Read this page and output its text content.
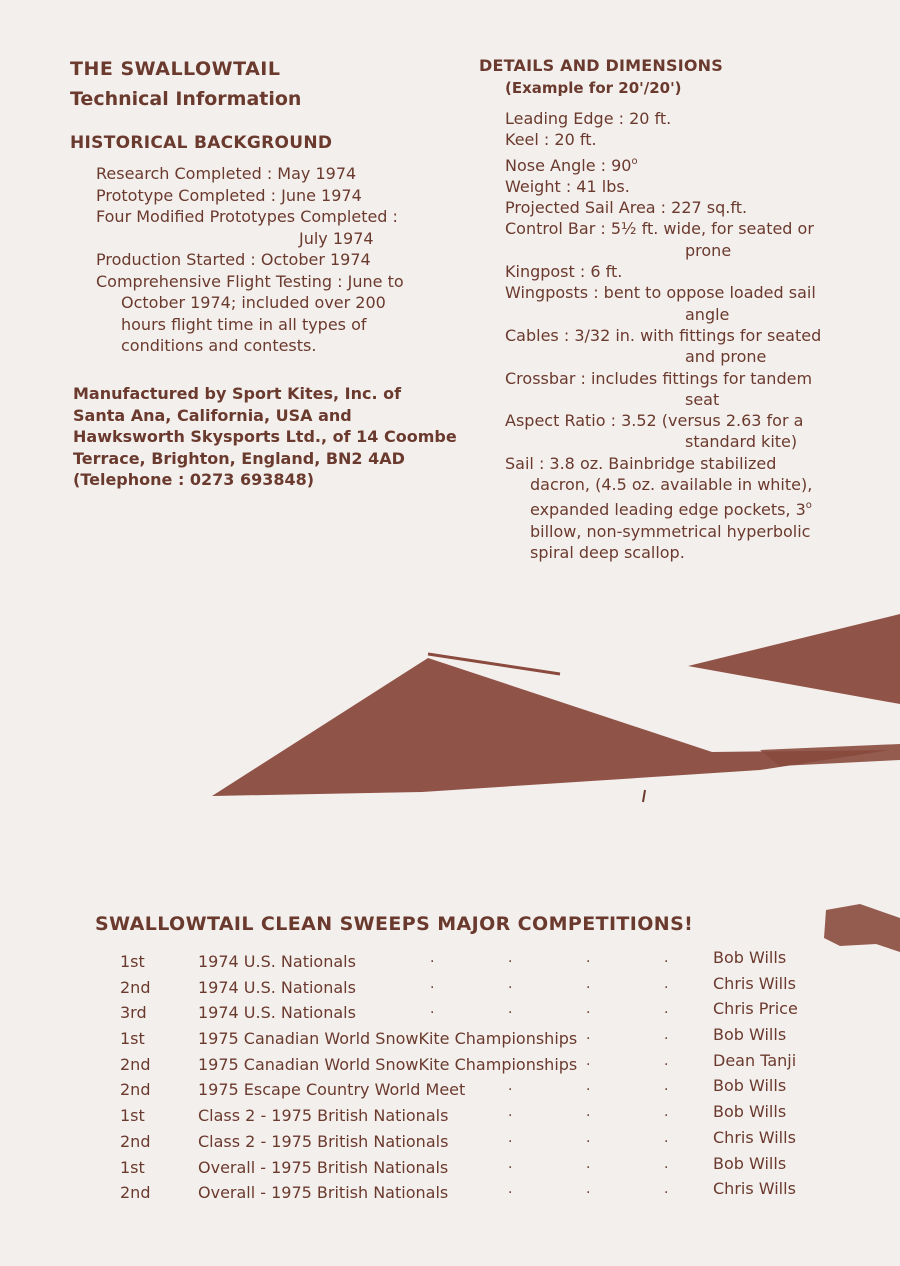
THE SWALLOWTAIL
Technical Information
HISTORICAL BACKGROUND
Research Completed : May 1974
Prototype Completed : June 1974
Four Modified Prototypes Completed :
July 1974
Production Started : October 1974
Comprehensive Flight Testing : June to
October 1974; included over 200
hours flight time in all types of
conditions and contests.
Manufactured by Sport Kites, Inc. of
Santa Ana, California, USA and
Hawksworth Skysports Ltd., of 14 Coombe
Terrace, Brighton, England, BN2 4AD
(Telephone : 0273 693848)
DETAILS AND DIMENSIONS
(Example for 20'/20')
Leading Edge : 20 ft.
Keel : 20 ft.
Nose Angle : 90$^o$
Weight : 41 lbs.
Projected Sail Area : 227 sq.ft.
Control Bar : 5½ ft. wide, for seated or
prone
Kingpost : 6 ft.
Wingposts : bent to oppose loaded sail
angle
Cables : 3/32 in. with fittings for seated
and prone
Crossbar : includes fittings for tandem
seat
Aspect Ratio : 3.52 (versus 2.63 for a
standard kite)
Sail : 3.8 oz. Bainbridge stabilized
dacron, (4.5 oz. available in white),
expanded leading edge pockets, 3$^o$
billow, non-symmetrical hyperbolic
spiral deep scallop.
SWALLOWTAIL CLEAN SWEEPS MAJOR COMPETITIONS!
1st	1974 U.S. Nationals	.	.	.	.	Bob Wills
2nd	1974 U.S. Nationals	.	.	.	.	Chris Wills
3rd	1974 U.S. Nationals	.	.	.	.	Chris Price
1st	1975 Canadian World SnowKite Championships .	.	Bob Wills
2nd	1975 Canadian World SnowKite Championships .	.	Dean Tanji
2nd	1975 Escape Country World Meet	.	.	.	Bob Wills
1st	Class 2 - 1975 British Nationals	.	.	.	Bob Wills
2nd	Class 2 - 1975 British Nationals	.	.	.	Chris Wills
1st	Overall - 1975 British Nationals	.	.	.	Bob Wills
2nd	Overall - 1975 British Nationals	.	.	.	Chris Wills
